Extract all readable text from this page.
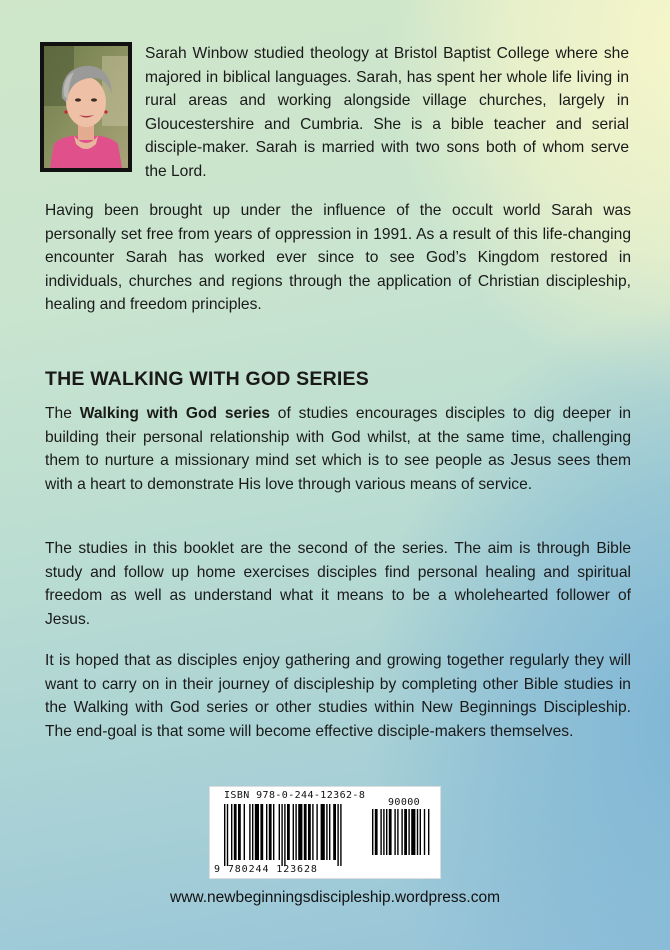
Sarah Winbow studied theology at Bristol Baptist College where she majored in biblical languages. Sarah, has spent her whole life living in rural areas and working alongside village churches, largely in Gloucestershire and Cumbria. She is a bible teacher and serial disciple-maker. Sarah is married with two sons both of whom serve the Lord.

Having been brought up under the influence of the occult world Sarah was personally set free from years of oppression in 1991. As a result of this life-changing encounter Sarah has worked ever since to see God’s Kingdom restored in individuals, churches and regions through the application of Christian discipleship, healing and freedom principles.

THE WALKING WITH GOD SERIES

The Walking with God series of studies encourages disciples to dig deeper in building their personal relationship with God whilst, at the same time, challenging them to nurture a missionary mind set which is to see people as Jesus sees them with a heart to demonstrate His love through various means of service.

The studies in this booklet are the second of the series. The aim is through Bible study and follow up home exercises disciples find personal healing and spiritual freedom as well as understand what it means to be a wholehearted follower of Jesus.

It is hoped that as disciples enjoy gathering and growing together regularly they will want to carry on in their journey of discipleship by completing other Bible studies in the Walking with God series or other studies within New Beginnings Discipleship. The end-goal is that some will become effective disciple-makers themselves.

ISBN 978-0-244-12362-8
90000
9 780244 123628
www.newbeginningsdiscipleship.wordpress.com
